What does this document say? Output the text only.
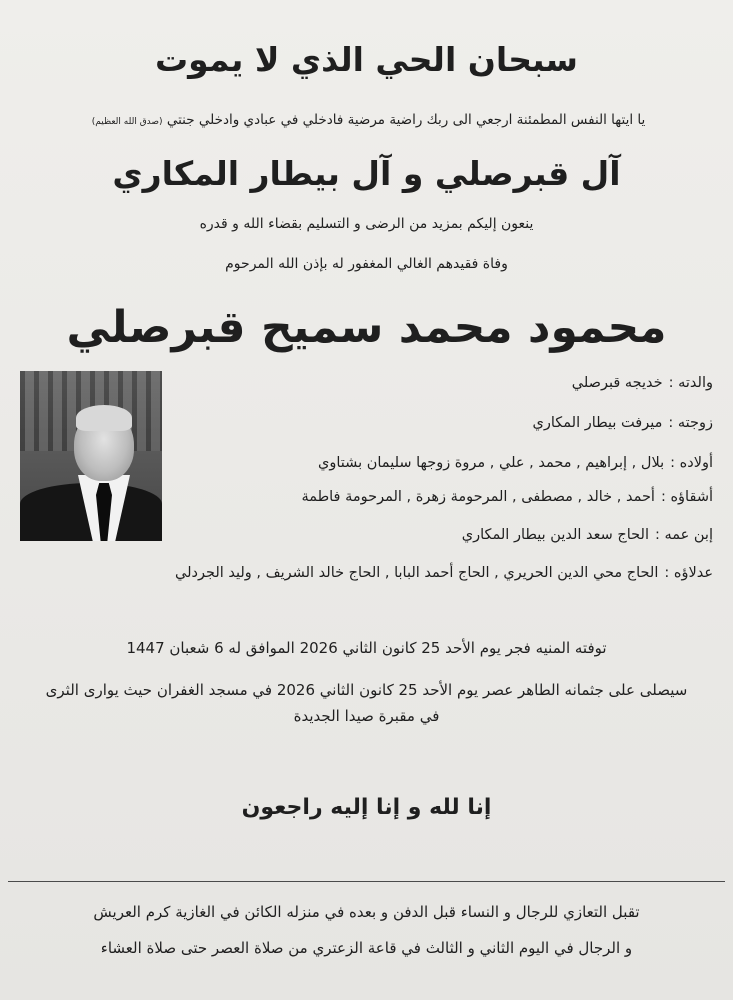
سبحان الحي الذي لا يموت
يا ايتها النفس المطمئنة ارجعي الى ربك راضية مرضية فادخلي في عبادي وادخلي جنتي (صدق الله العظيم)
آل قبرصلي و آل بيطار المكاري
ينعون إليكم بمزيد من الرضى و التسليم بقضاء الله و قدره
وفاة فقيدهم الغالي المغفور له بإذن الله المرحوم
محمود محمد سميح قبرصلي
والدته :خديجه قبرصلي
زوجته :ميرفت بيطار المكاري
أولاده :بلال , إبراهيم , محمد , علي , مروة زوجها سليمان بشتاوي
أشقاؤه :أحمد , خالد , مصطفى , المرحومة زهرة , المرحومة فاطمة
إبن عمه :الحاج سعد الدين بيطار المكاري
عدلاؤه :الحاج محي الدين الحريري , الحاج أحمد البابا , الحاج خالد الشريف , وليد الجردلي
توفته المنيه فجر يوم الأحد 25 كانون الثاني 2026 الموافق له 6 شعبان 1447
سيصلى على جثمانه الطاهر عصر يوم الأحد 25 كانون الثاني 2026 في مسجد الغفران حيث يوارى الثرى
في مقبرة صيدا الجديدة
إنا لله و إنا إليه راجعون
تقبل التعازي للرجال و النساء قبل الدفن و بعده في منزله الكائن في الغازية كرم العريش
و الرجال في اليوم الثاني و الثالث في قاعة الزعتري من صلاة العصر حتى صلاة العشاء
